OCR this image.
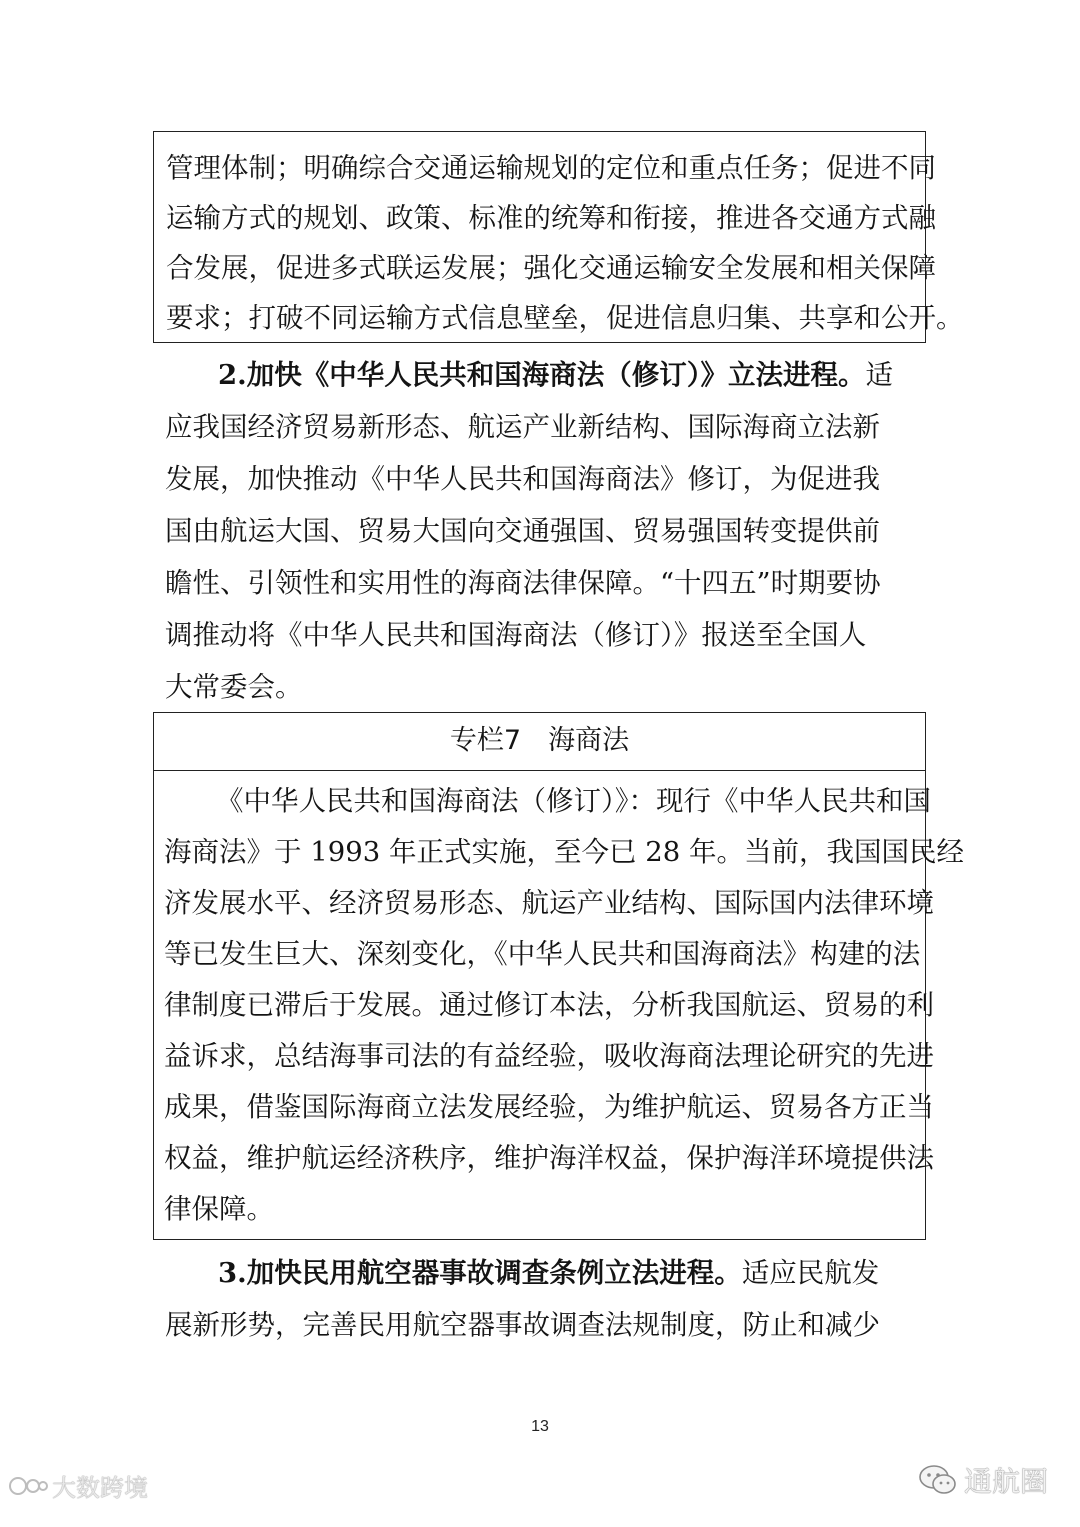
管理体制；明确综合交通运输规划的定位和重点任务；促进不同
运输方式的规划、政策、标准的统筹和衔接，推进各交通方式融
合发展，促进多式联运发展；强化交通运输安全发展和相关保障
要求；打破不同运输方式信息壁垒，促进信息归集、共享和公开。
2.加快《中华人民共和国海商法（修订）》立法进程。适
应我国经济贸易新形态、航运产业新结构、国际海商立法新
发展，加快推动《中华人民共和国海商法》修订，为促进我
国由航运大国、贸易大国向交通强国、贸易强国转变提供前
瞻性、引领性和实用性的海商法律保障。“十四五”时期要协
调推动将《中华人民共和国海商法（修订）》报送至全国人
大常委会。
专栏7　海商法
《中华人民共和国海商法（修订）》：现行《中华人民共和国
海商法》于 1993 年正式实施，至今已 28 年。当前，我国国民经
济发展水平、经济贸易形态、航运产业结构、国际国内法律环境
等已发生巨大、深刻变化，《中华人民共和国海商法》构建的法
律制度已滞后于发展。通过修订本法，分析我国航运、贸易的利
益诉求，总结海事司法的有益经验，吸收海商法理论研究的先进
成果，借鉴国际海商立法发展经验，为维护航运、贸易各方正当
权益，维护航运经济秩序，维护海洋权益，保护海洋环境提供法
律保障。
3.加快民用航空器事故调查条例立法进程。适应民航发
展新形势，完善民用航空器事故调查法规制度，防止和减少
13
大数跨境	通航圈
